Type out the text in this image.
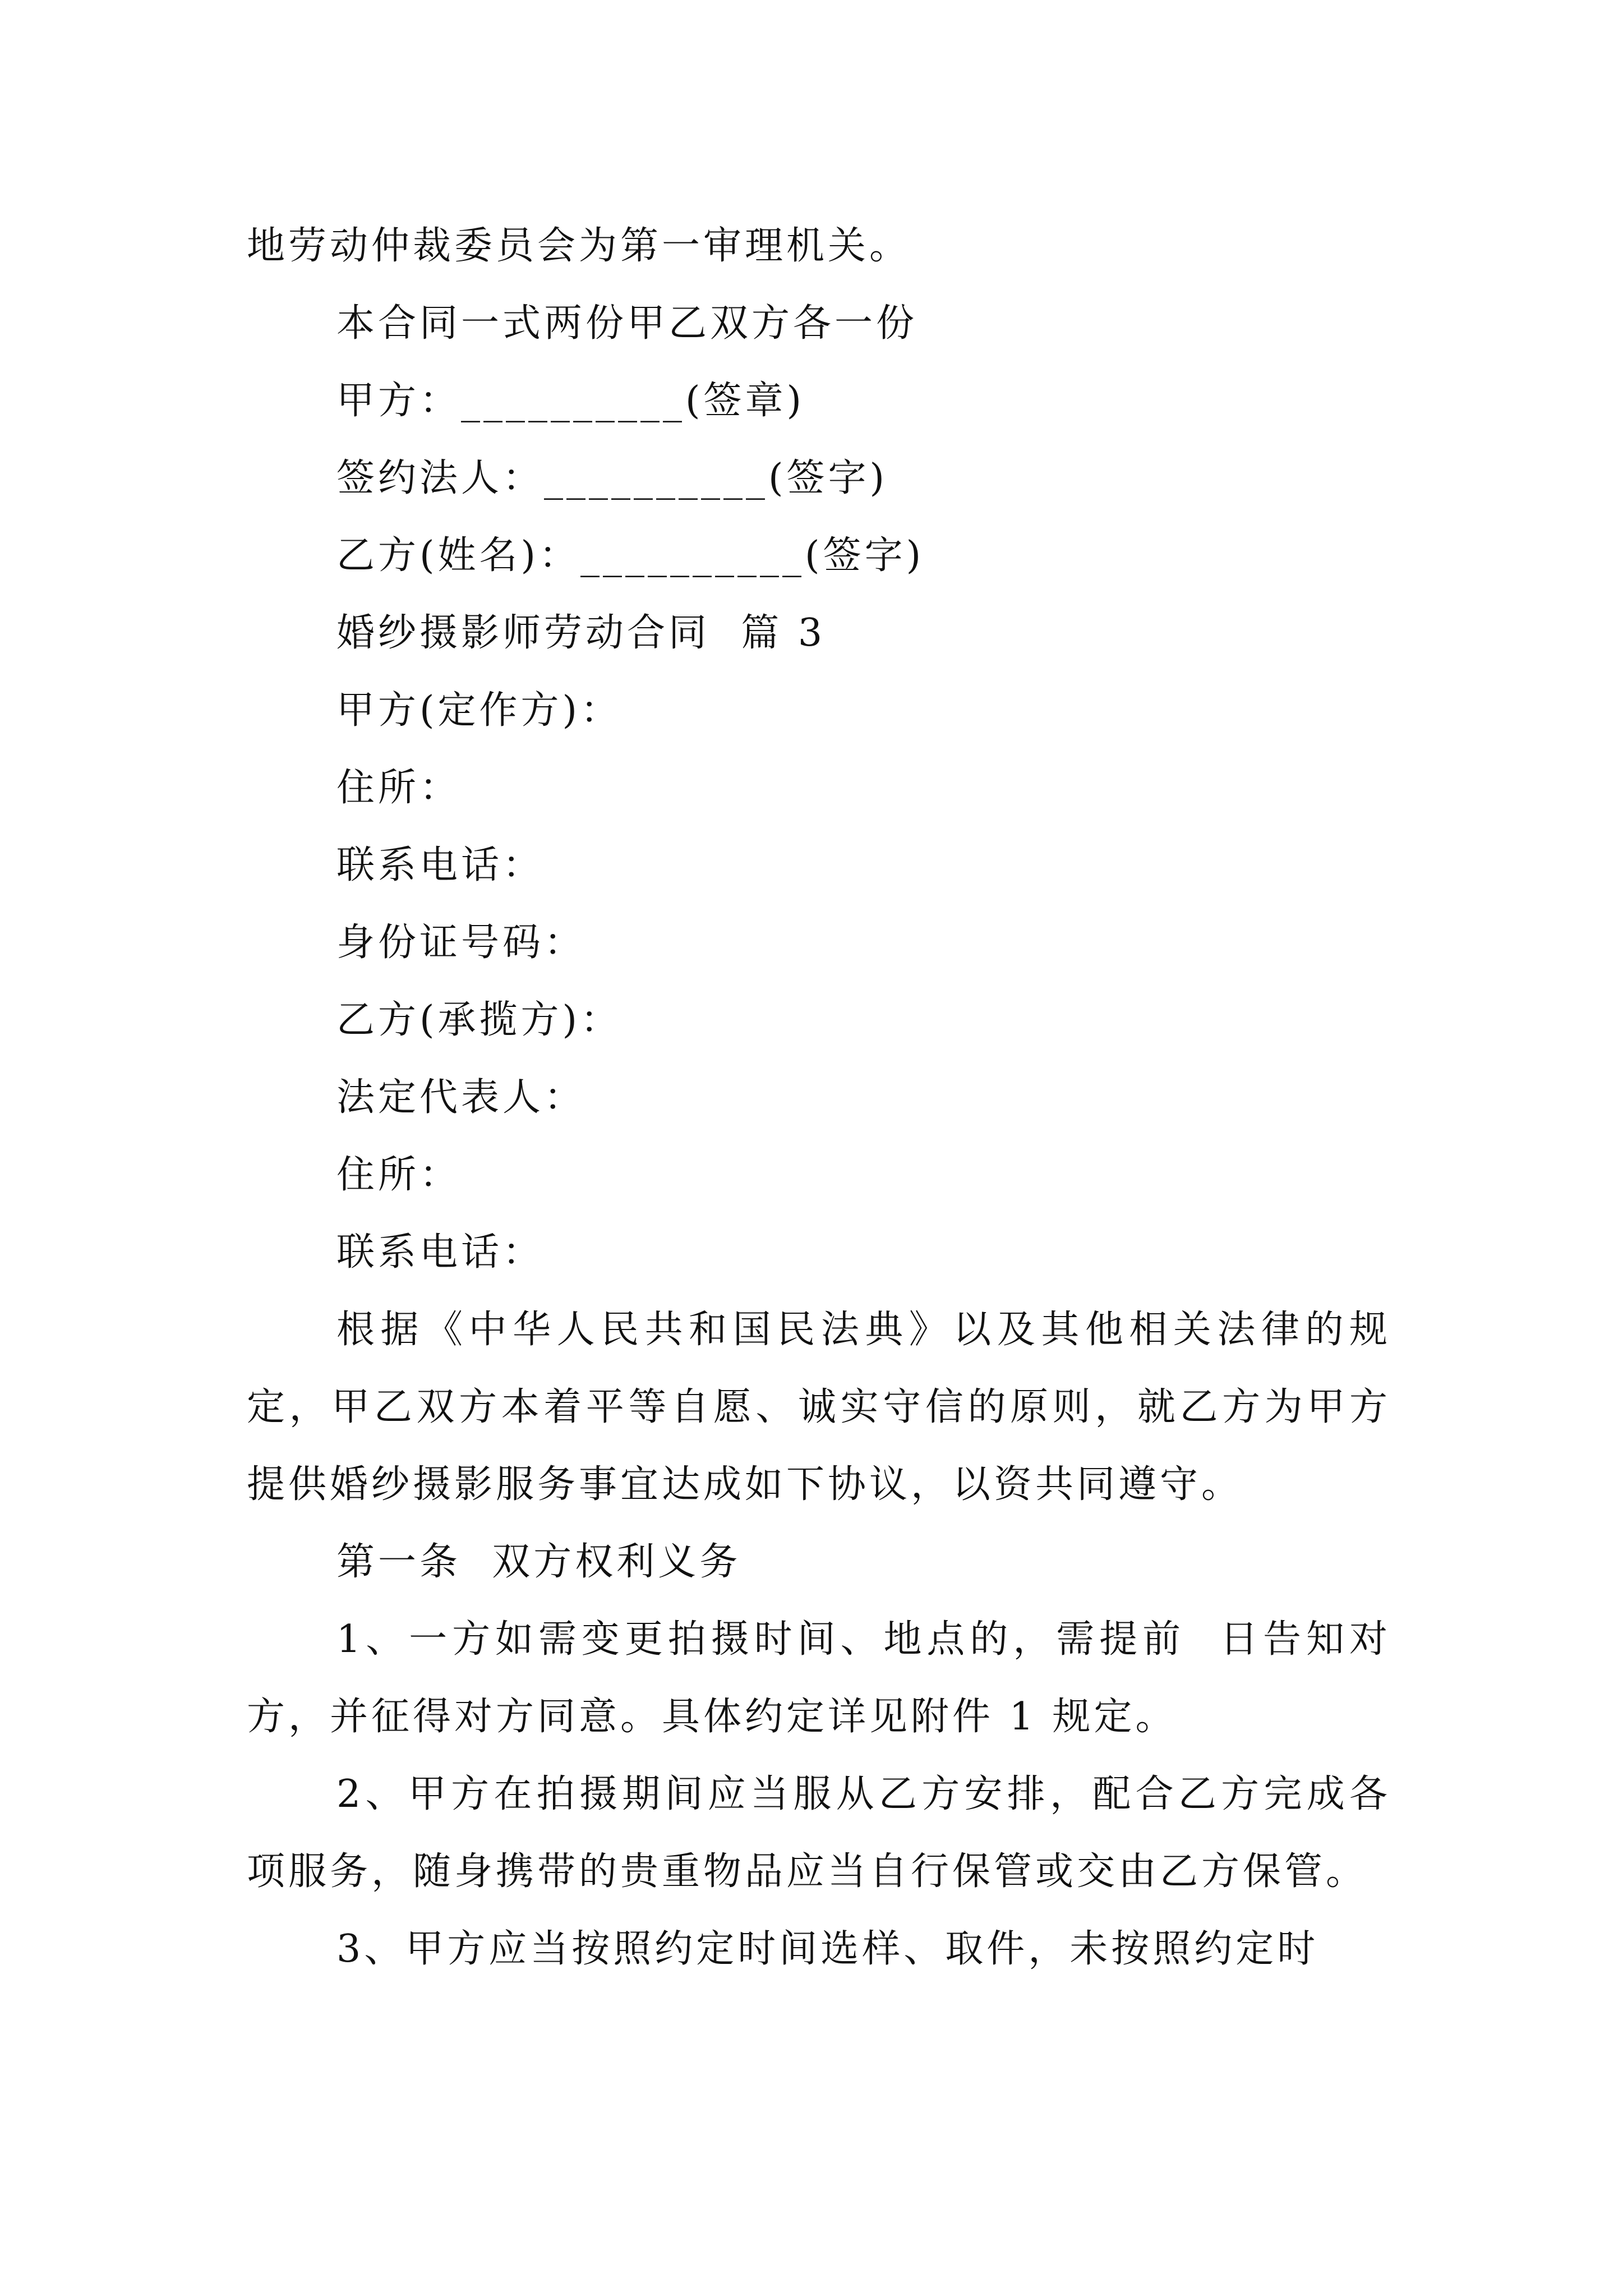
地劳动仲裁委员会为第一审理机关。

本合同一式两份甲乙双方各一份

甲方：__________(签章)

签约法人：__________(签字)

乙方(姓名)：__________(签字)

婚纱摄影师劳动合同  篇 3

甲方(定作方)：

住所：

联系电话：

身份证号码：

乙方(承揽方)：

法定代表人：

住所：

联系电话：

根据《中华人民共和国民法典》以及其他相关法律的规定，甲乙双方本着平等自愿、诚实守信的原则，就乙方为甲方提供婚纱摄影服务事宜达成如下协议，以资共同遵守。

第一条  双方权利义务

1、一方如需变更拍摄时间、地点的，需提前  日告知对方，并征得对方同意。具体约定详见附件 1 规定。

2、甲方在拍摄期间应当服从乙方安排，配合乙方完成各项服务，随身携带的贵重物品应当自行保管或交由乙方保管。

3、甲方应当按照约定时间选样、取件，未按照约定时
